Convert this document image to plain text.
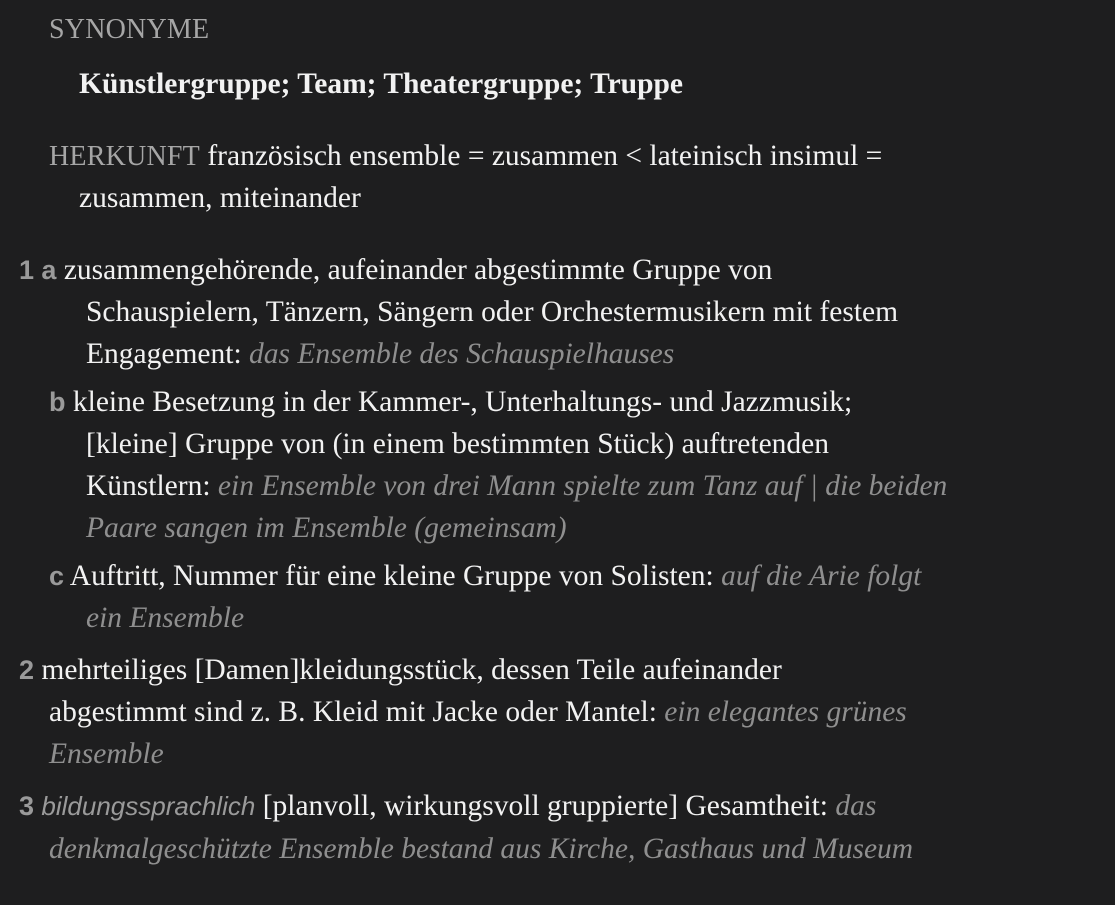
SYNONYME
Künstlergruppe; Team; Theatergruppe; Truppe
HERKUNFT französisch ensemble = zusammen < lateinisch insimul =
zusammen, miteinander
1 a zusammengehörende, aufeinander abgestimmte Gruppe von
Schauspielern, Tänzern, Sängern oder Orchestermusikern mit festem
Engagement: das Ensemble des Schauspielhauses
b kleine Besetzung in der Kammer-, Unterhaltungs- und Jazzmusik;
[kleine] Gruppe von (in einem bestimmten Stück) auftretenden
Künstlern: ein Ensemble von drei Mann spielte zum Tanz auf | die beiden
Paare sangen im Ensemble (gemeinsam)
c Auftritt, Nummer für eine kleine Gruppe von Solisten: auf die Arie folgt
ein Ensemble
2 mehrteiliges [Damen]kleidungsstück, dessen Teile aufeinander
abgestimmt sind z. B. Kleid mit Jacke oder Mantel: ein elegantes grünes
Ensemble
3 bildungssprachlich [planvoll, wirkungsvoll gruppierte] Gesamtheit: das
denkmalgeschützte Ensemble bestand aus Kirche, Gasthaus und Museum
